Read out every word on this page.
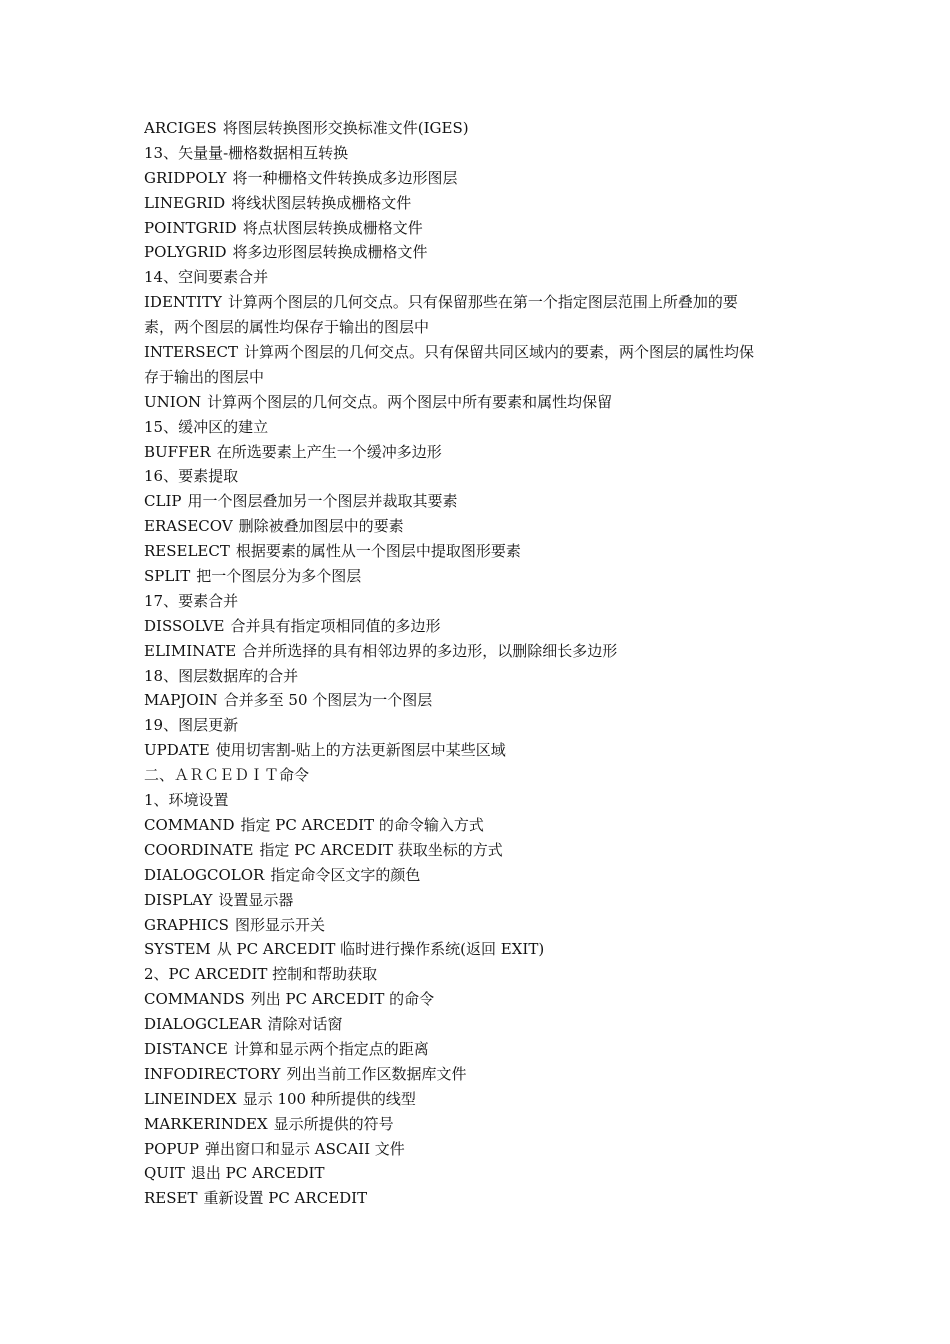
ARCIGES 将图层转换图形交换标准文件(IGES)
13、矢量量-栅格数据相互转换
GRIDPOLY 将一种栅格文件转换成多边形图层
LINEGRID 将线状图层转换成栅格文件
POINTGRID 将点状图层转换成栅格文件
POLYGRID 将多边形图层转换成栅格文件
14、空间要素合并
IDENTITY 计算两个图层的几何交点。只有保留那些在第一个指定图层范围上所叠加的要
素，两个图层的属性均保存于输出的图层中
INTERSECT 计算两个图层的几何交点。只有保留共同区域内的要素，两个图层的属性均保
存于输出的图层中
UNION 计算两个图层的几何交点。两个图层中所有要素和属性均保留
15、缓冲区的建立
BUFFER 在所选要素上产生一个缓冲多边形
16、要素提取
CLIP 用一个图层叠加另一个图层并裁取其要素
ERASECOV 删除被叠加图层中的要素
RESELECT 根据要素的属性从一个图层中提取图形要素
SPLIT 把一个图层分为多个图层
17、要素合并
DISSOLVE 合并具有指定项相同值的多边形
ELIMINATE 合并所选择的具有相邻边界的多边形，以删除细长多边形
18、图层数据库的合并
MAPJOIN 合并多至 50 个图层为一个图层
19、图层更新
UPDATE 使用切害割-贴上的方法更新图层中某些区域
二、ＡＲＣＥＤＩＴ命令
1、环境设置
COMMAND 指定 PC ARCEDIT 的命令输入方式
COORDINATE 指定 PC ARCEDIT 获取坐标的方式
DIALOGCOLOR 指定命令区文字的颜色
DISPLAY 设置显示器
GRAPHICS 图形显示开关
SYSTEM 从 PC ARCEDIT 临时进行操作系统(返回 EXIT)
2、PC ARCEDIT 控制和帮助获取
COMMANDS 列出 PC ARCEDIT 的命令
DIALOGCLEAR 清除对话窗
DISTANCE 计算和显示两个指定点的距离
INFODIRECTORY 列出当前工作区数据库文件
LINEINDEX 显示 100 种所提供的线型
MARKERINDEX 显示所提供的符号
POPUP 弹出窗口和显示 ASCAII 文件
QUIT 退出 PC ARCEDIT
RESET 重新设置 PC ARCEDIT
